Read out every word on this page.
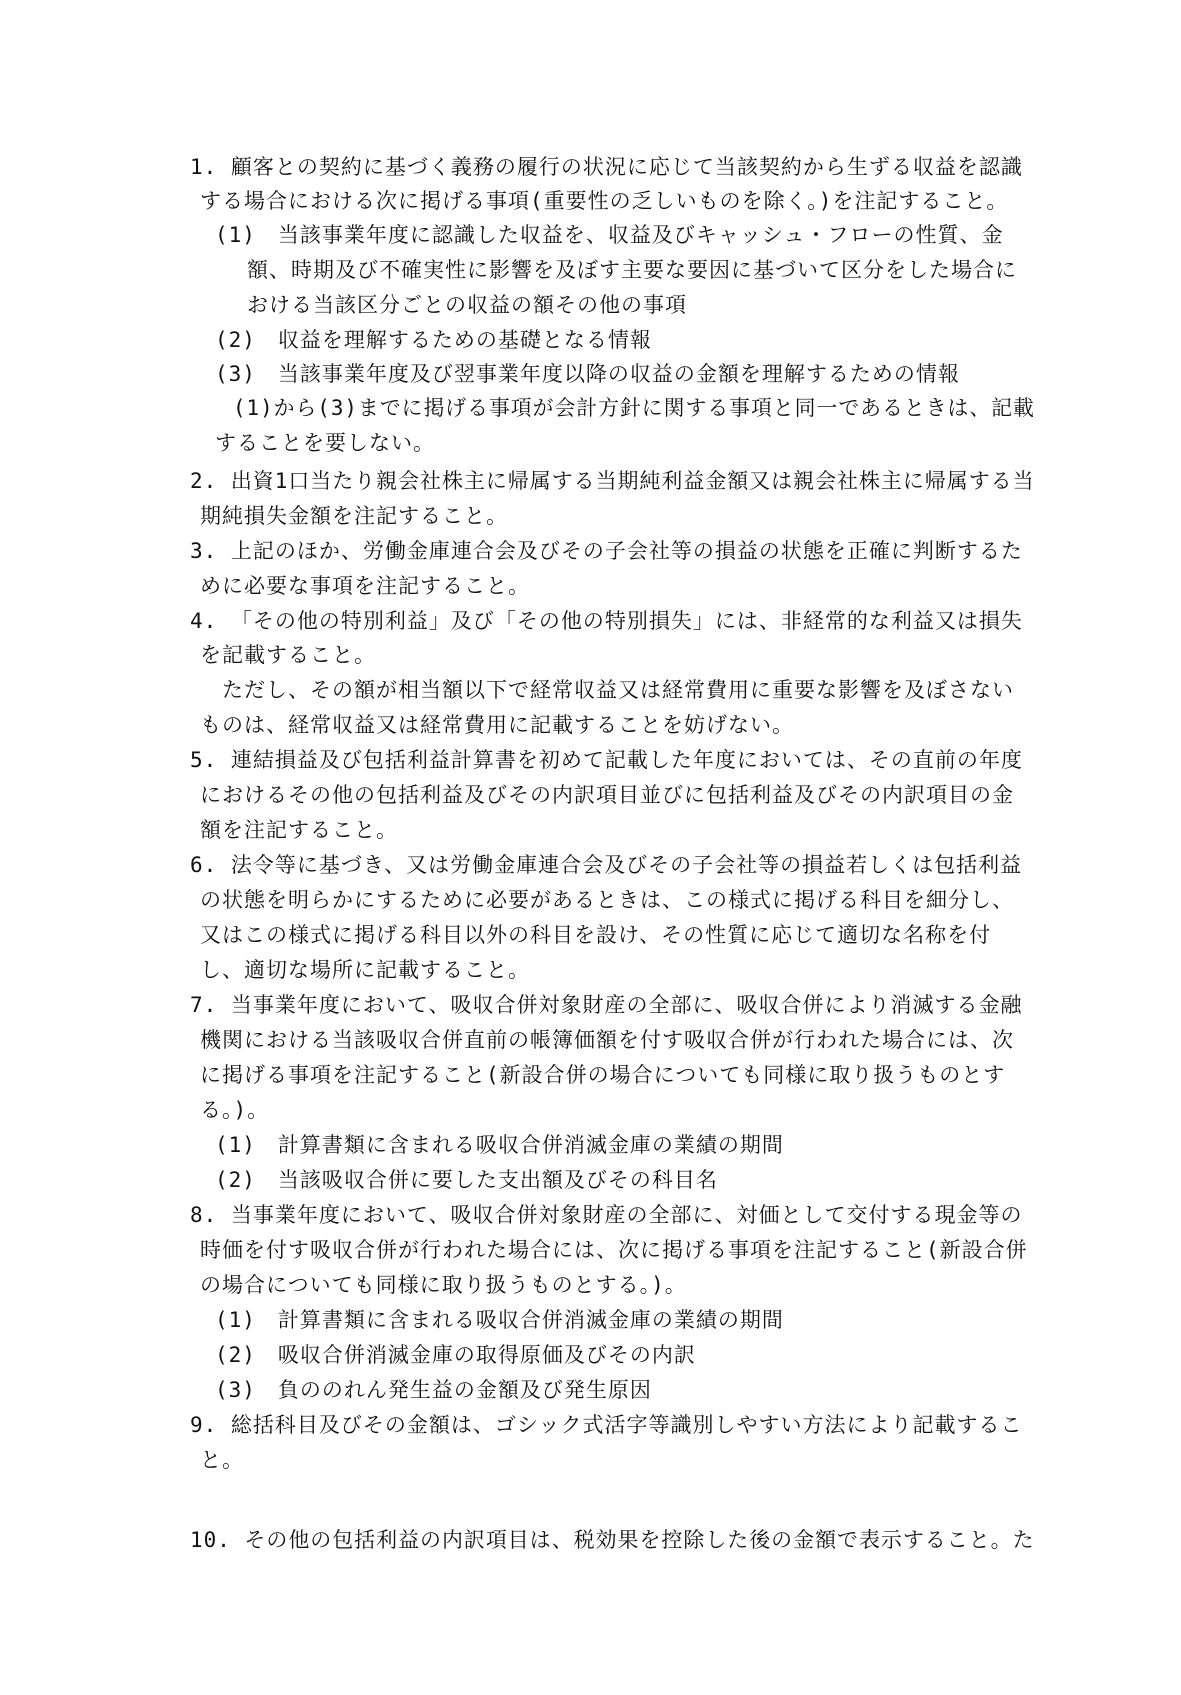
1. 顧客との契約に基づく義務の履行の状況に応じて当該契約から生ずる収益を認識
する場合における次に掲げる事項(重要性の乏しいものを除く。)を注記すること。
(1)　当該事業年度に認識した収益を、収益及びキャッシュ・フローの性質、金
額、時期及び不確実性に影響を及ぼす主要な要因に基づいて区分をした場合に
おける当該区分ごとの収益の額その他の事項
(2)　収益を理解するための基礎となる情報
(3)　当該事業年度及び翌事業年度以降の収益の金額を理解するための情報
(1)から(3)までに掲げる事項が会計方針に関する事項と同一であるときは、記載
することを要しない。
2. 出資1口当たり親会社株主に帰属する当期純利益金額又は親会社株主に帰属する当
期純損失金額を注記すること。
3. 上記のほか、労働金庫連合会及びその子会社等の損益の状態を正確に判断するた
めに必要な事項を注記すること。
4. 「その他の特別利益」及び「その他の特別損失」には、非経常的な利益又は損失
を記載すること。
ただし、その額が相当額以下で経常収益又は経常費用に重要な影響を及ぼさない
ものは、経常収益又は経常費用に記載することを妨げない。
5. 連結損益及び包括利益計算書を初めて記載した年度においては、その直前の年度
におけるその他の包括利益及びその内訳項目並びに包括利益及びその内訳項目の金
額を注記すること。
6. 法令等に基づき、又は労働金庫連合会及びその子会社等の損益若しくは包括利益
の状態を明らかにするために必要があるときは、この様式に掲げる科目を細分し、
又はこの様式に掲げる科目以外の科目を設け、その性質に応じて適切な名称を付
し、適切な場所に記載すること。
7. 当事業年度において、吸収合併対象財産の全部に、吸収合併により消滅する金融
機関における当該吸収合併直前の帳簿価額を付す吸収合併が行われた場合には、次
に掲げる事項を注記すること(新設合併の場合についても同様に取り扱うものとす
る。)。
(1)　計算書類に含まれる吸収合併消滅金庫の業績の期間
(2)　当該吸収合併に要した支出額及びその科目名
8. 当事業年度において、吸収合併対象財産の全部に、対価として交付する現金等の
時価を付す吸収合併が行われた場合には、次に掲げる事項を注記すること(新設合併
の場合についても同様に取り扱うものとする。)。
(1)　計算書類に含まれる吸収合併消滅金庫の業績の期間
(2)　吸収合併消滅金庫の取得原価及びその内訳
(3)　負ののれん発生益の金額及び発生原因
9. 総括科目及びその金額は、ゴシック式活字等識別しやすい方法により記載するこ
と。
10. その他の包括利益の内訳項目は、税効果を控除した後の金額で表示すること。た
